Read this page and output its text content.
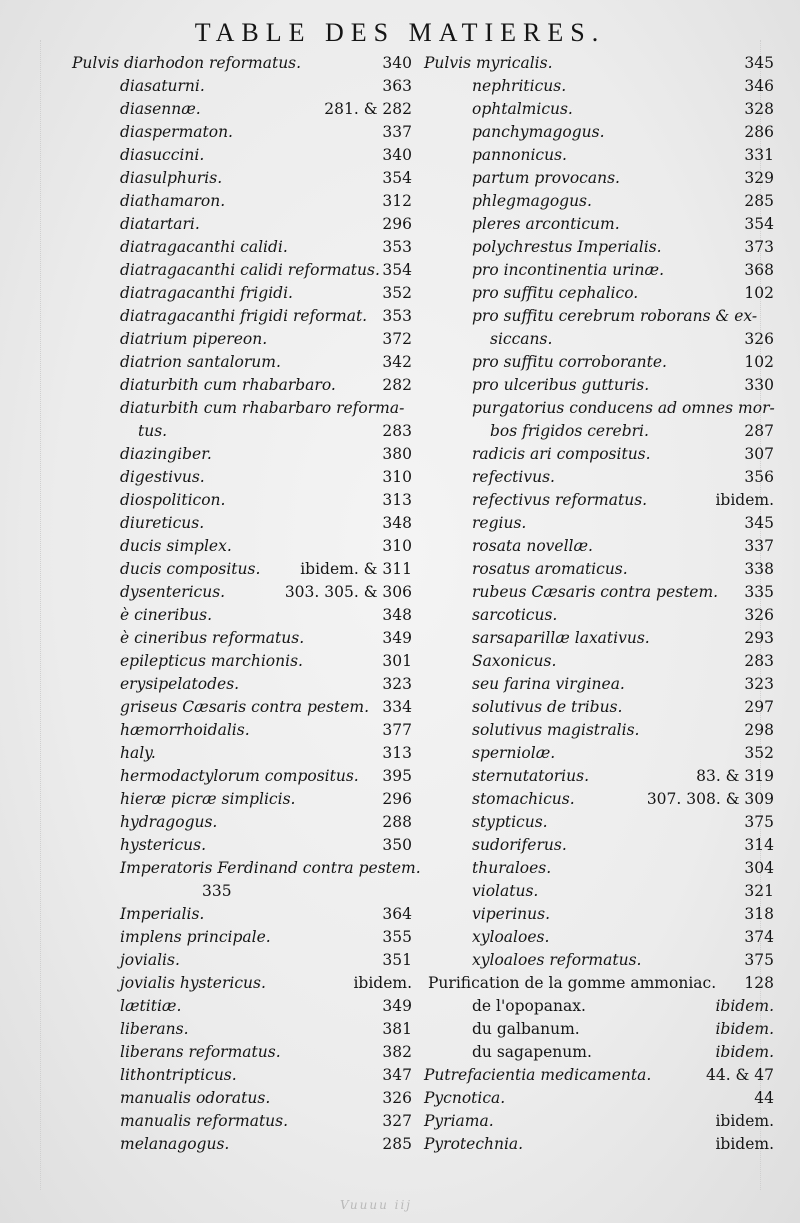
TABLE DES MATIERES.
Pulvis diarhodon reformatus.	340
diasaturni.	363
diasennæ.	281. & 282
diaspermaton.	337
diasuccini.	340
diasulphuris.	354
diathamaron.	312
diatartari.	296
diatragacanthi calidi.	353
diatragacanthi calidi reformatus. 354
diatragacanthi frigidi.	352
diatragacanthi frigidi reformat. 353
diatrium pipereon.	372
diatrion santalorum.	342
diaturbith cum rhabarbaro.	282
diaturbith cum rhabarbaro reforma-
tus.	283
diazingiber.	380
digestivus.	310
diospoliticon.	313
diureticus.	348
ducis simplex.	310
ducis compositus.	ibidem. & 311
dysentericus.	303. 305. & 306
è cineribus.	348
è cineribus reformatus.	349
epilepticus marchionis.	301
erysipelatodes.	323
griseus Cæsaris contra pestem. 334
hæmorrhoidalis.	377
haly.	313
hermodactylorum compositus. 395
hieræ picræ simplicis.	296
hydragogus.	288
hystericus.	350
Imperatoris Ferdinand contra pestem.
335
Imperialis.	364
implens principale.	355
jovialis.	351
jovialis hystericus.	ibidem.
lætitiæ.	349
liberans.	381
liberans reformatus.	382
lithontripticus.	347
manualis odoratus.	326
manualis reformatus.	327
melanagogus.	285
Pulvis myricalis.	345
nephriticus.	346
ophtalmicus.	328
panchymagogus.	286
pannonicus.	331
partum provocans.	329
phlegmagogus.	285
pleres arconticum.	354
polychrestus Imperialis.	373
pro incontinentia urinæ.	368
pro suffitu cephalico.	102
pro suffitu cerebrum roborans & ex-
siccans.	326
pro suffitu corroborante.	102
pro ulceribus gutturis.	330
purgatorius conducens ad omnes mor-
bos frigidos cerebri.	287
radicis ari compositus.	307
refectivus.	356
refectivus reformatus.	ibidem.
regius.	345
rosata novellæ.	337
rosatus aromaticus.	338
rubeus Cæsaris contra pestem. 335
sarcoticus.	326
sarsaparillæ laxativus.	293
Saxonicus.	283
seu farina virginea.	323
solutivus de tribus.	297
solutivus magistralis.	298
sperniolæ.	352
sternutatorius.	83. & 319
stomachicus.	307. 308. & 309
stypticus.	375
sudoriferus.	314
thuraloes.	304
violatus.	321
viperinus.	318
xyloaloes.	374
xyloaloes reformatus.	375
Purification de la gomme ammoniac. 128
de l'opopanax.	ibidem.
du galbanum.	ibidem.
du sagapenum.	ibidem.
Putrefacientia medicamenta.	44. & 47
Pycnotica.	44
Pyriama.	ibidem.
Pyrotechnia.	ibidem.
Vuuuu iij
